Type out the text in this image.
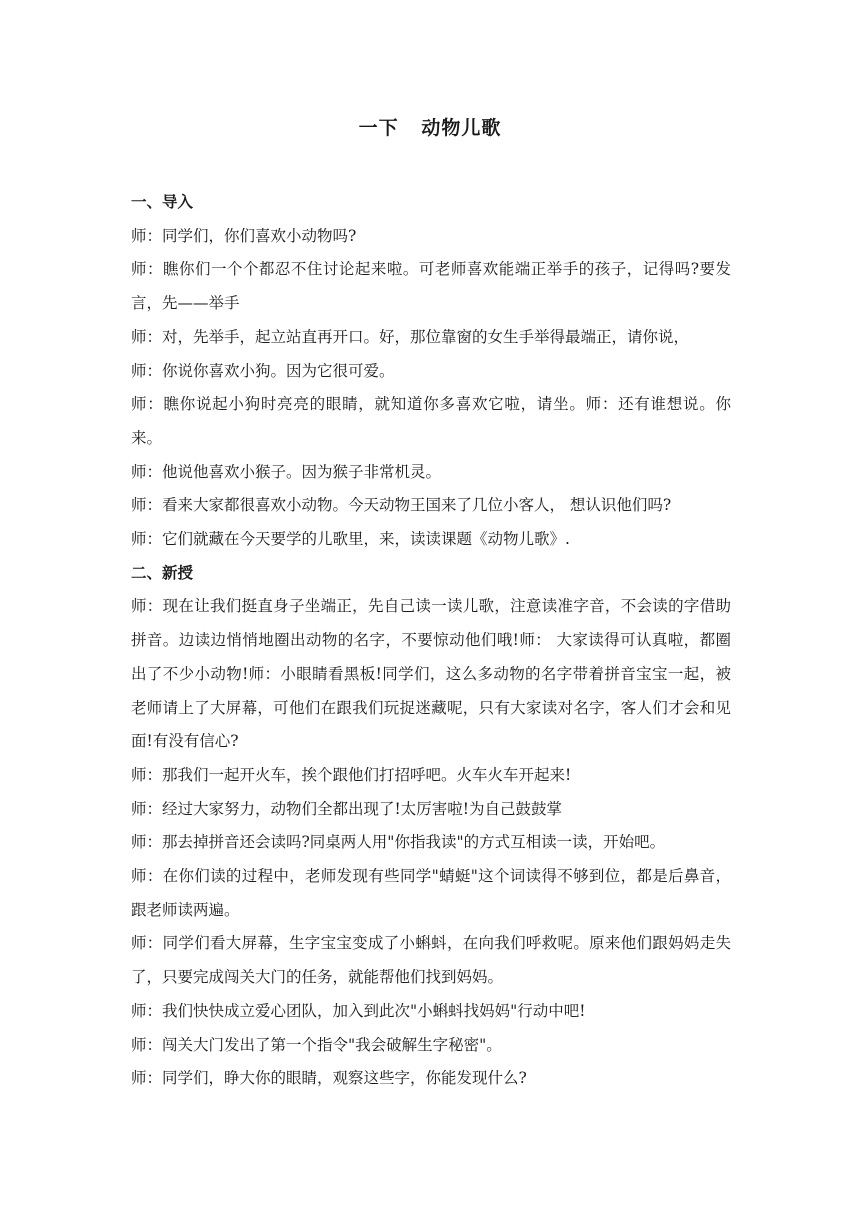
一下   动物儿歌

一、导入

师：同学们，你们喜欢小动物吗?

师：瞧你们一个个都忍不住讨论起来啦。可老师喜欢能端正举手的孩子，记得吗?要发言，先——举手

师：对，先举手，起立站直再开口。好，那位靠窗的女生手举得最端正，请你说，

师：你说你喜欢小狗。因为它很可爱。

师：瞧你说起小狗时亮亮的眼睛，就知道你多喜欢它啦，请坐。师：还有谁想说。你来。

师：他说他喜欢小猴子。因为猴子非常机灵。

师：看来大家都很喜欢小动物。今天动物王国来了几位小客人， 想认识他们吗?

师：它们就藏在今天要学的儿歌里，来，读读课题《动物儿歌》.

二、新授

师：现在让我们挺直身子坐端正，先自己读一读儿歌，注意读准字音，不会读的字借助拼音。边读边悄悄地圈出动物的名字，不要惊动他们哦!师： 大家读得可认真啦，都圈出了不少小动物!师：小眼睛看黑板!同学们，这么多动物的名字带着拼音宝宝一起，被老师请上了大屏幕，可他们在跟我们玩捉迷藏呢，只有大家读对名字，客人们才会和见面!有没有信心?

师：那我们一起开火车，挨个跟他们打招呼吧。火车火车开起来!

师：经过大家努力，动物们全都出现了!太厉害啦!为自己鼓鼓掌

师：那去掉拼音还会读吗?同桌两人用"你指我读"的方式互相读一读，开始吧。

师：在你们读的过程中，老师发现有些同学"蜻蜓"这个词读得不够到位，都是后鼻音，跟老师读两遍。

师：同学们看大屏幕，生字宝宝变成了小蝌蚪，在向我们呼救呢。原来他们跟妈妈走失了，只要完成闯关大门的任务，就能帮他们找到妈妈。

师：我们快快成立爱心团队，加入到此次"小蝌蚪找妈妈"行动中吧!

师：闯关大门发出了第一个指令"我会破解生字秘密"。

师：同学们，睁大你的眼睛，观察这些字，你能发现什么?
